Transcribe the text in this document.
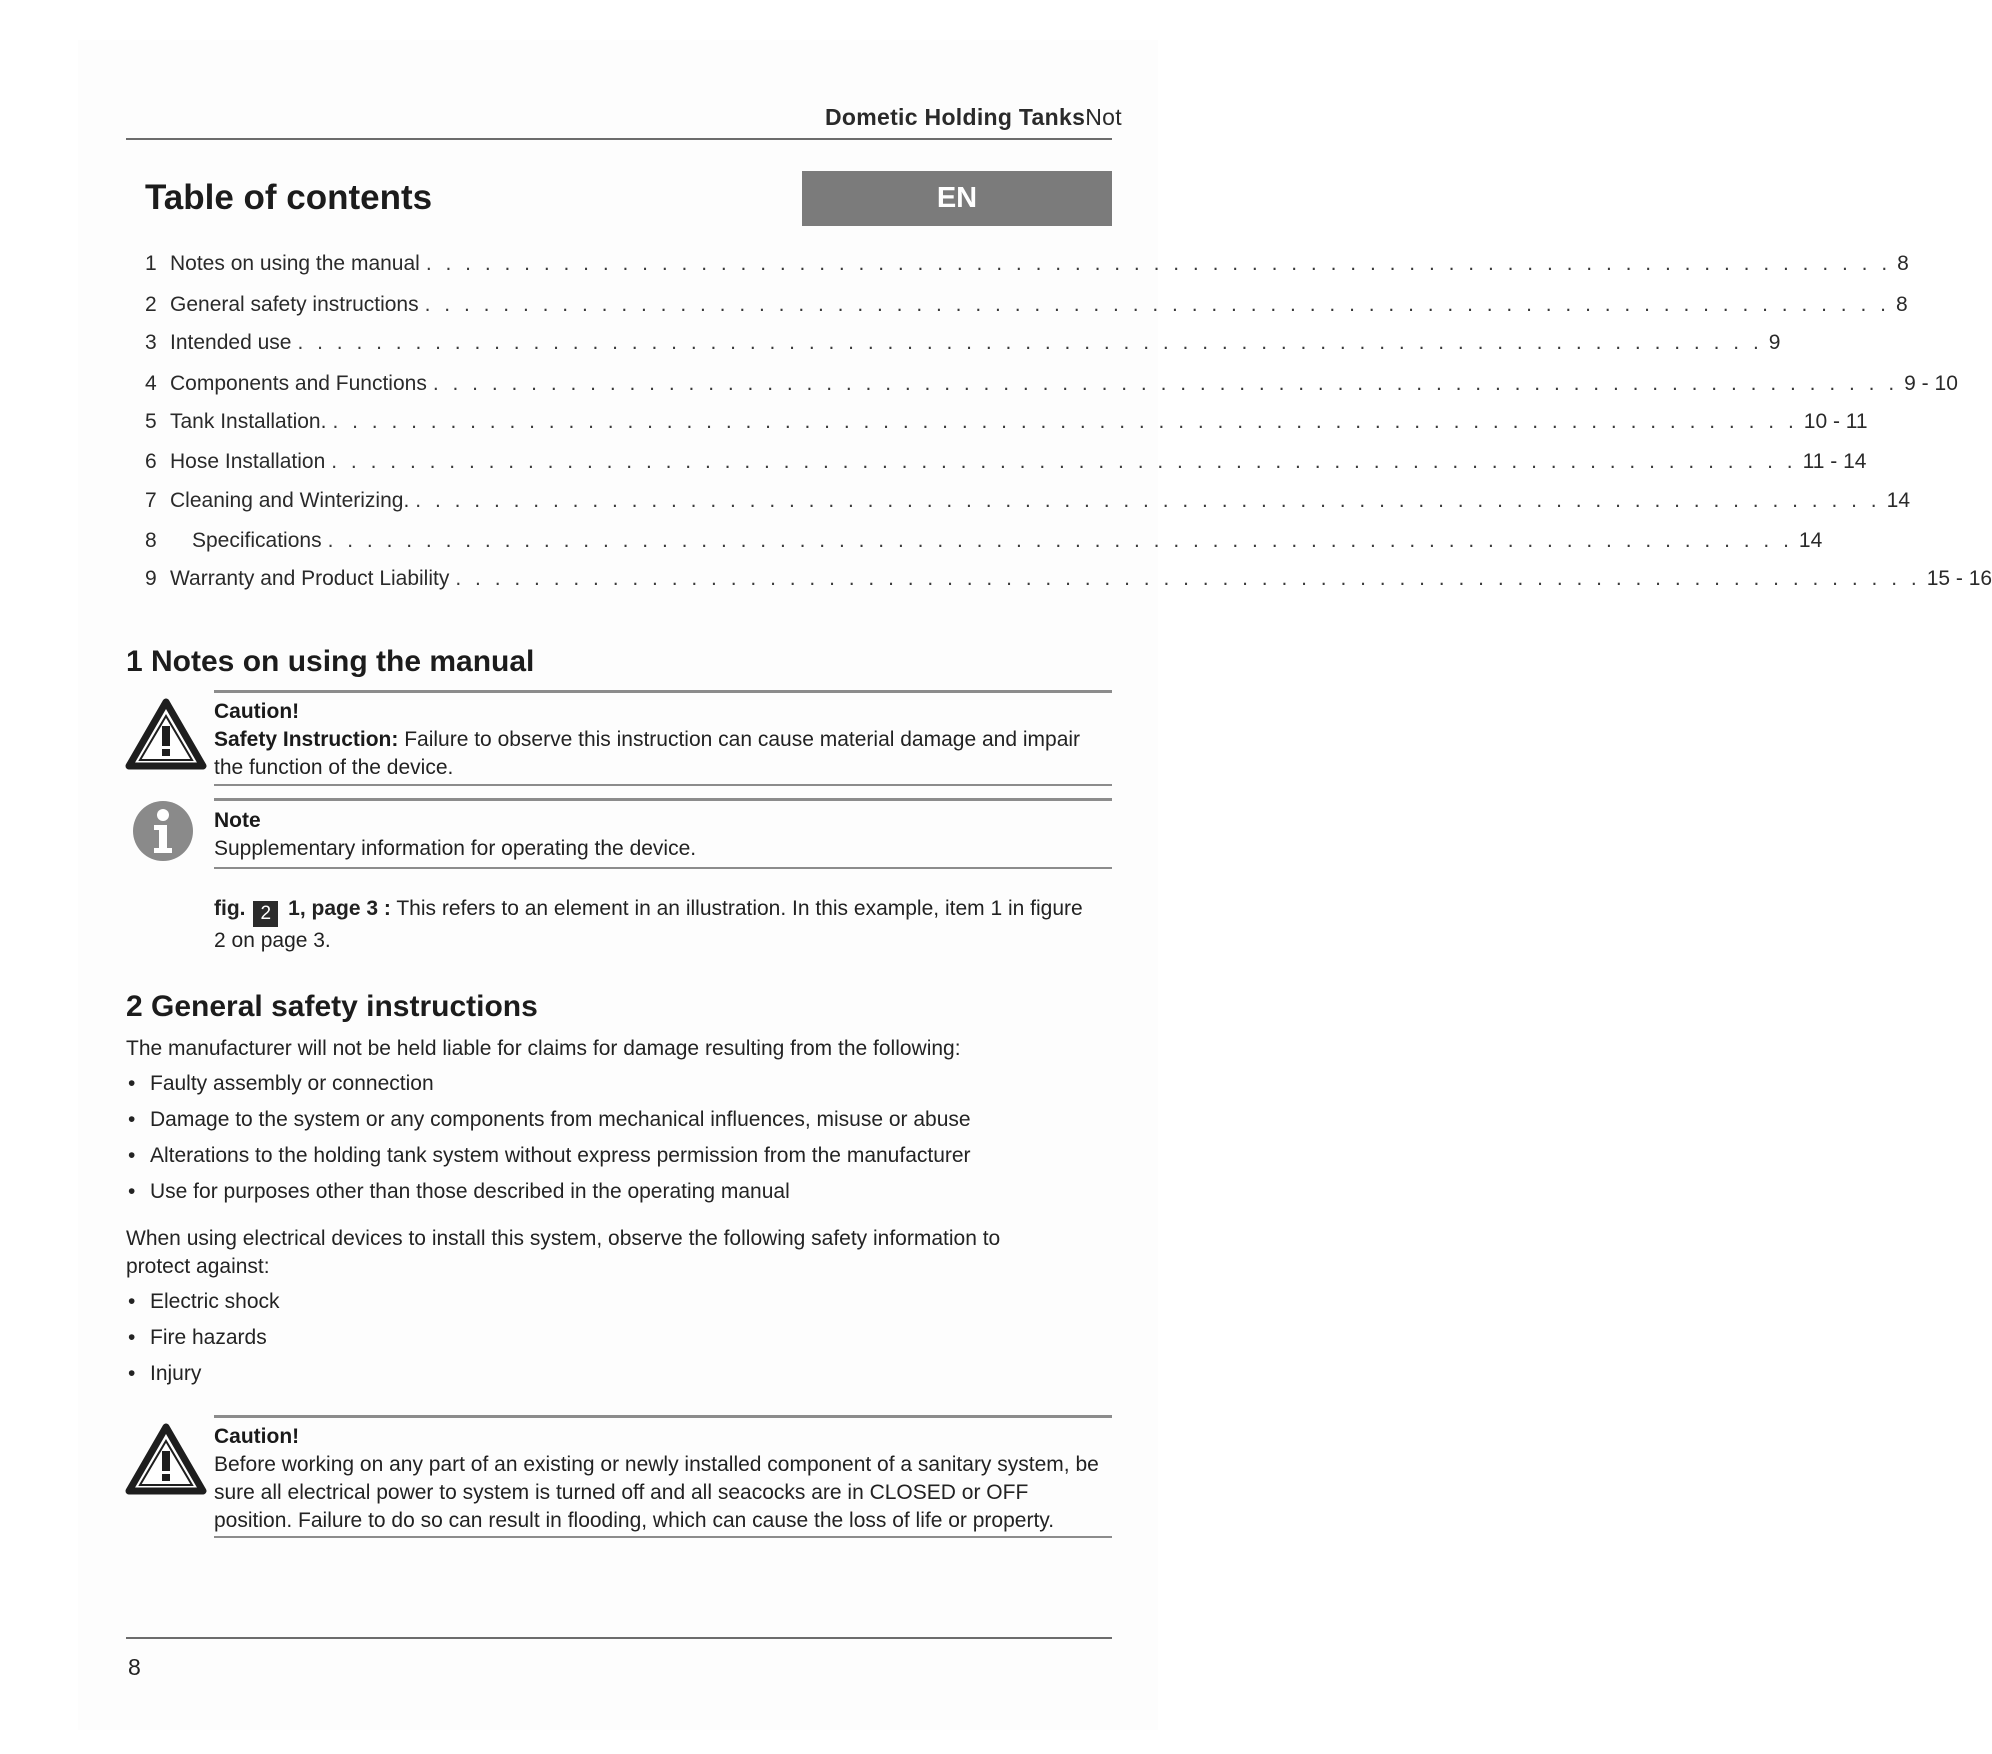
Dometic Holding TanksNot
Table of contents	EN
1 Notes on using the manual . . . . . . . . . . . . . . . . . . . . . . . . . . . . . . . . . . . . . . . . . . . . . . . . . . . . . . . . . . . . . . . . . . . . . . . . . . . 8
2 General safety instructions . . . . . . . . . . . . . . . . . . . . . . . . . . . . . . . . . . . . . . . . . . . . . . . . . . . . . . . . . . . . . . . . . . . . . . . . . . . 8
3 Intended use . . . . . . . . . . . . . . . . . . . . . . . . . . . . . . . . . . . . . . . . . . . . . . . . . . . . . . . . . . . . . . . . . . . . . . . . . . . 9
4 Components and Functions . . . . . . . . . . . . . . . . . . . . . . . . . . . . . . . . . . . . . . . . . . . . . . . . . . . . . . . . . . . . . . . . . . . . . . . . . . . 9 - 10
5 Tank Installation. . . . . . . . . . . . . . . . . . . . . . . . . . . . . . . . . . . . . . . . . . . . . . . . . . . . . . . . . . . . . . . . . . . . . . . . . . . . 10 - 11
6 Hose Installation . . . . . . . . . . . . . . . . . . . . . . . . . . . . . . . . . . . . . . . . . . . . . . . . . . . . . . . . . . . . . . . . . . . . . . . . . . . 11 - 14
7 Cleaning and Winterizing. . . . . . . . . . . . . . . . . . . . . . . . . . . . . . . . . . . . . . . . . . . . . . . . . . . . . . . . . . . . . . . . . . . . . . . . . . . . 14
8	Specifications . . . . . . . . . . . . . . . . . . . . . . . . . . . . . . . . . . . . . . . . . . . . . . . . . . . . . . . . . . . . . . . . . . . . . . . . . . . 14
9 Warranty and Product Liability . . . . . . . . . . . . . . . . . . . . . . . . . . . . . . . . . . . . . . . . . . . . . . . . . . . . . . . . . . . . . . . . . . . . . . . . . . . 15 - 16
1 Notes on using the manual
Caution!
Safety Instruction: Failure to observe this instruction can cause material damage and impair the function of the device.
Note
Supplementary information for operating the device.
fig. 2 1, page 3 : This refers to an element in an illustration. In this example, item 1 in figure 2 on page 3.
2 General safety instructions
The manufacturer will not be held liable for claims for damage resulting from the following:
• Faulty assembly or connection
• Damage to the system or any components from mechanical influences, misuse or abuse
• Alterations to the holding tank system without express permission from the manufacturer
• Use for purposes other than those described in the operating manual
When using electrical devices to install this system, observe the following safety information to protect against:
• Electric shock
• Fire hazards
• Injury
Caution!
Before working on any part of an existing or newly installed component of a sanitary system, be sure all electrical power to system is turned off and all seacocks are in CLOSED or OFF position. Failure to do so can result in flooding, which can cause the loss of life or property.
8
